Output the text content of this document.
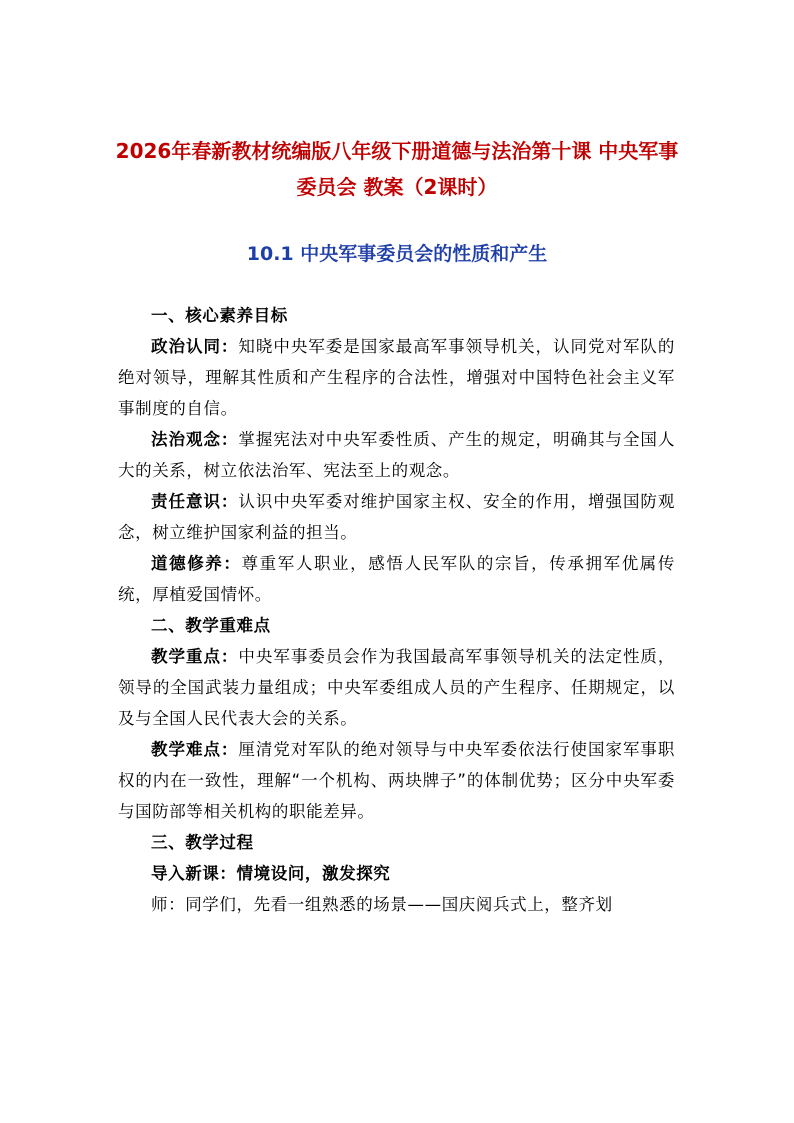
2026年春新教材统编版八年级下册道德与法治第十课 中央军事委员会 教案（2课时）
10.1 中央军事委员会的性质和产生

一、核心素养目标

政治认同：知晓中央军委是国家最高军事领导机关，认同党对军队的绝对领导，理解其性质和产生程序的合法性，增强对中国特色社会主义军事制度的自信。

法治观念：掌握宪法对中央军委性质、产生的规定，明确其与全国人大的关系，树立依法治军、宪法至上的观念。

责任意识：认识中央军委对维护国家主权、安全的作用，增强国防观念，树立维护国家利益的担当。

道德修养：尊重军人职业，感悟人民军队的宗旨，传承拥军优属传统，厚植爱国情怀。

二、教学重难点

教学重点：中央军事委员会作为我国最高军事领导机关的法定性质，领导的全国武装力量组成；中央军委组成人员的产生程序、任期规定，以及与全国人民代表大会的关系。

教学难点：厘清党对军队的绝对领导与中央军委依法行使国家军事职权的内在一致性，理解“一个机构、两块牌子”的体制优势；区分中央军委与国防部等相关机构的职能差异。

三、教学过程

导入新课：情境设问，激发探究

师：同学们，先看一组熟悉的场景——国庆阅兵式上，整齐划
